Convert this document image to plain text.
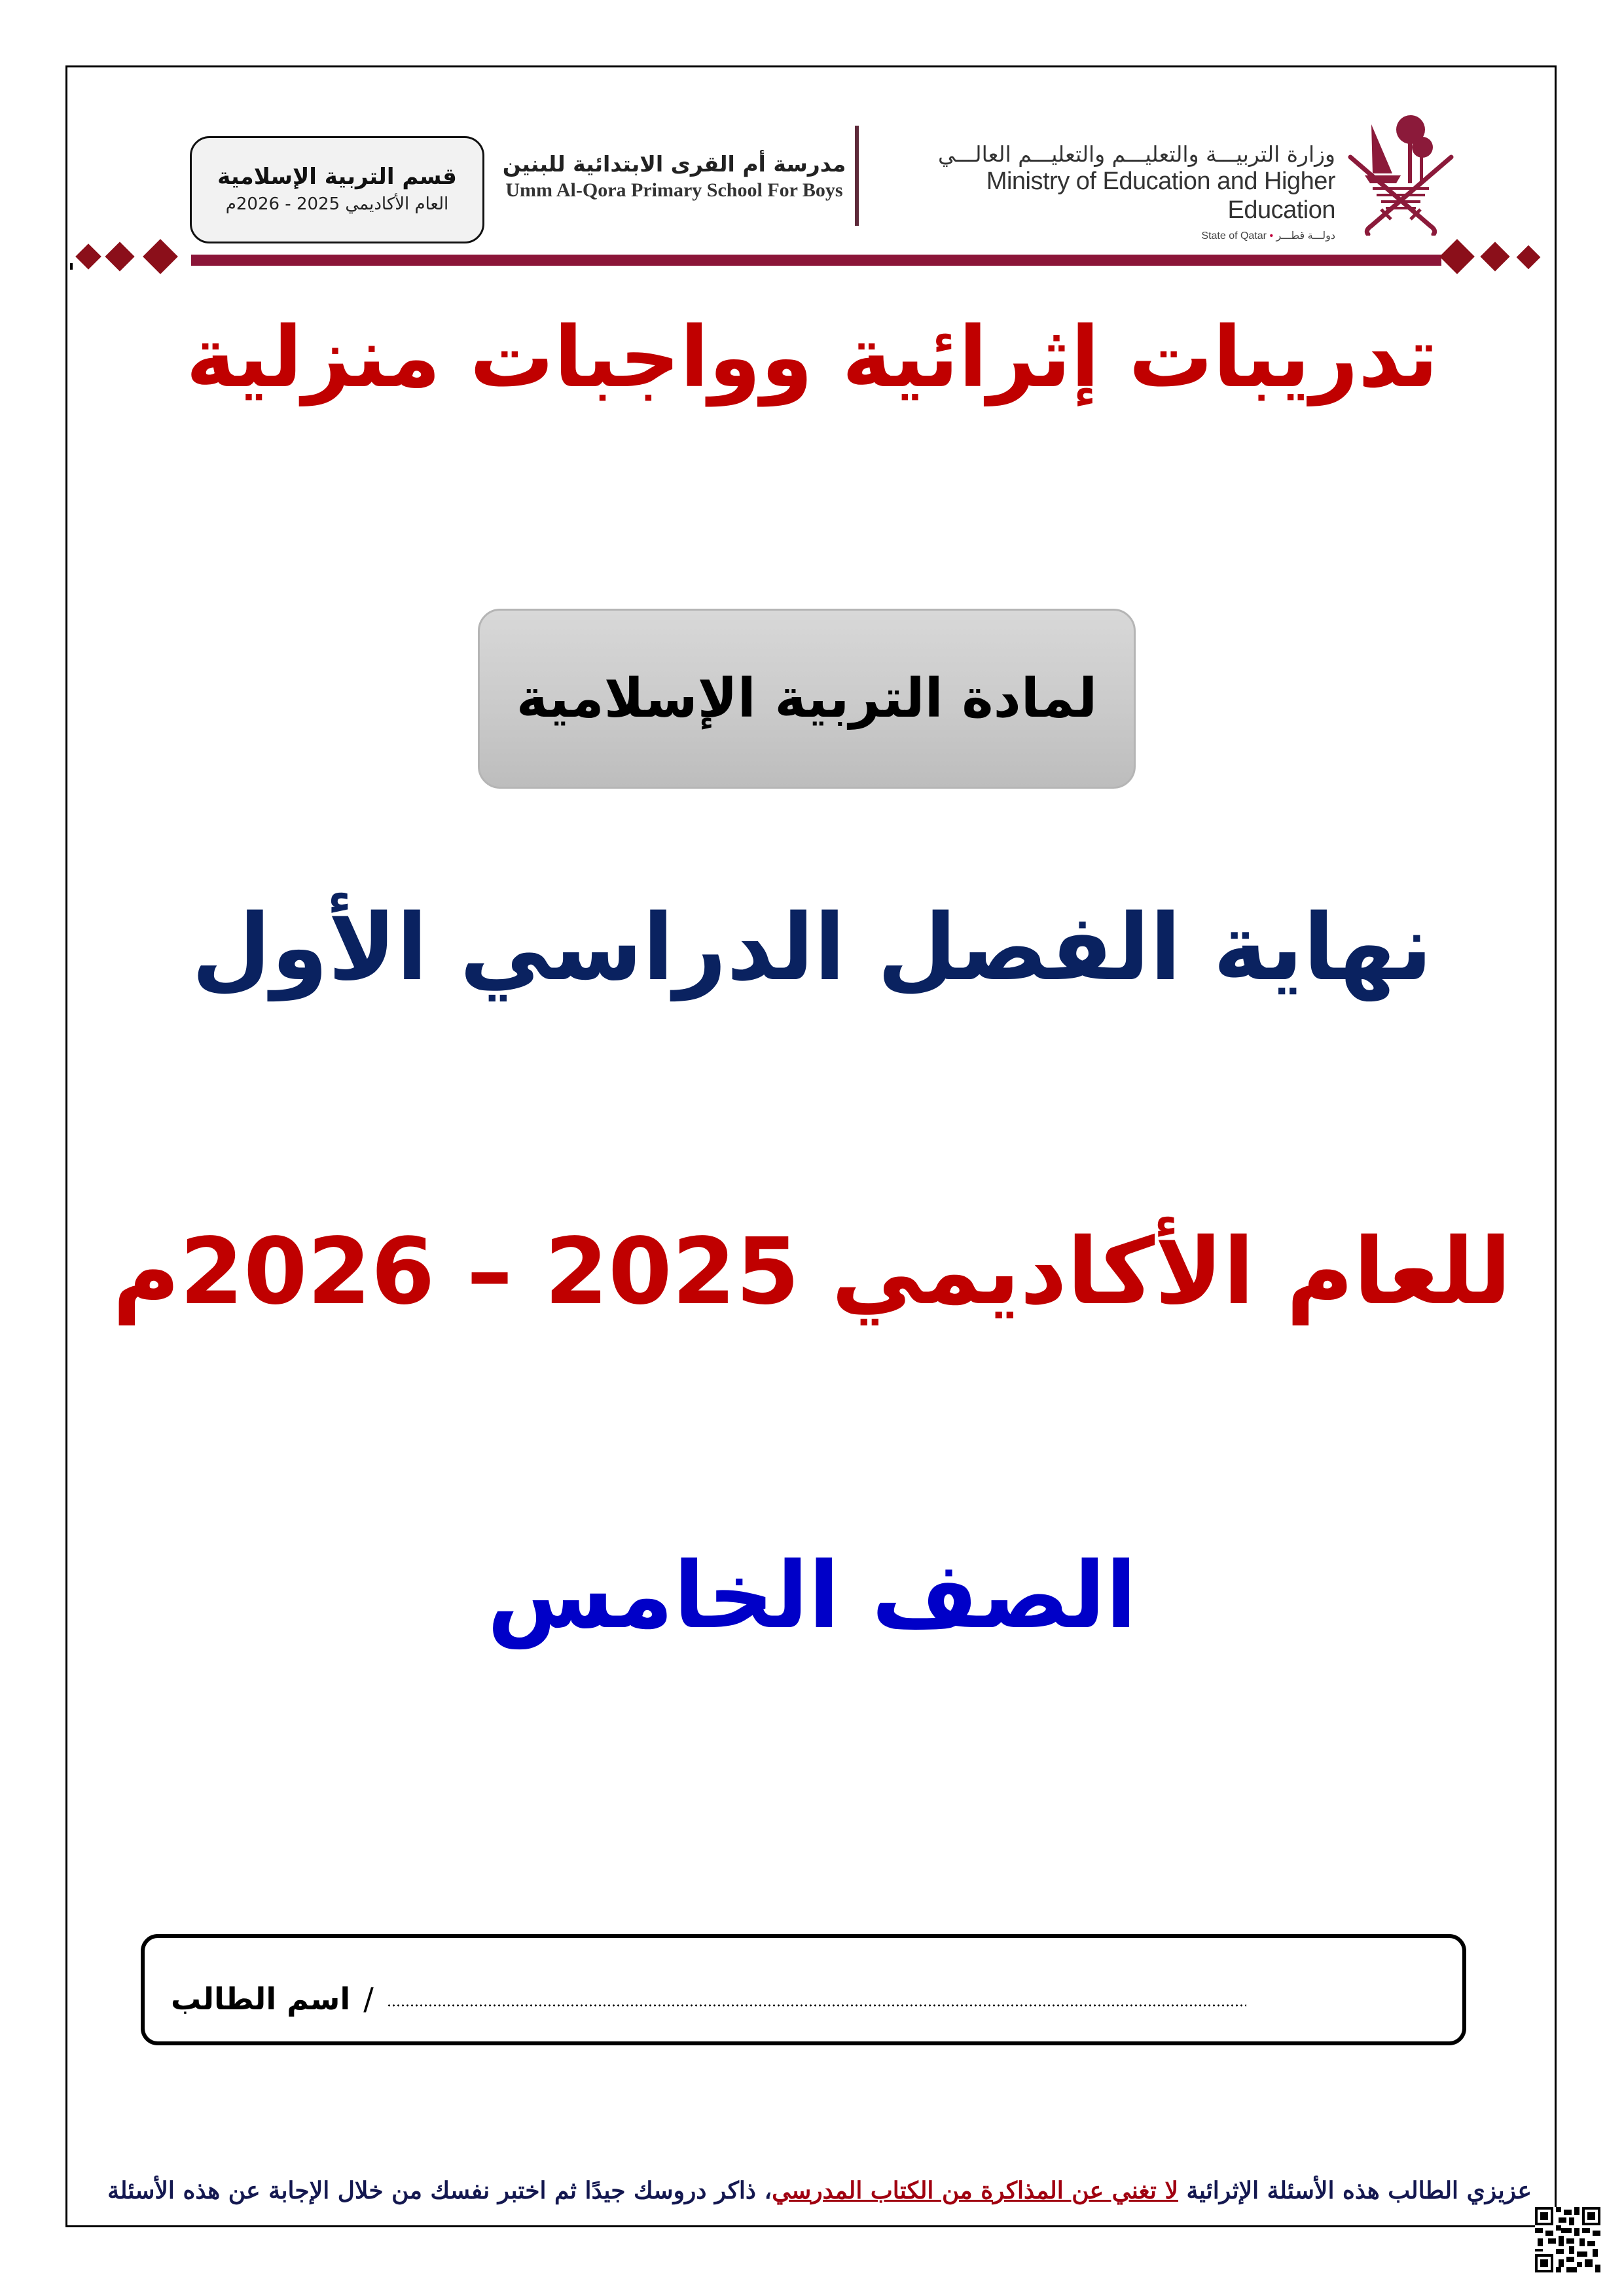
قسم التربية الإسلامية
العام الأكاديمي 2025 - 2026م
مدرسة أم القرى الابتدائية للبنين
Umm Al-Qora Primary School For Boys
وزارة التربيـــة والتعليـــم والتعليـــم العالـــي
Ministry of Education and Higher Education
State of Qatar • دولـــة قطـــر
تدريبات إثرائية وواجبات منزلية
لمادة التربية الإسلامية
نهاية الفصل الدراسي الأول
للعام الأكاديمي 2025 – 2026م
الصف الخامس
اسم الطالب /
عزيزي الطالب هذه الأسئلة الإثرائية لا تغني عن المذاكرة من الكتاب المدرسي، ذاكر دروسك جيدًا ثم اختبر نفسك من خلال الإجابة عن هذه الأسئلة
